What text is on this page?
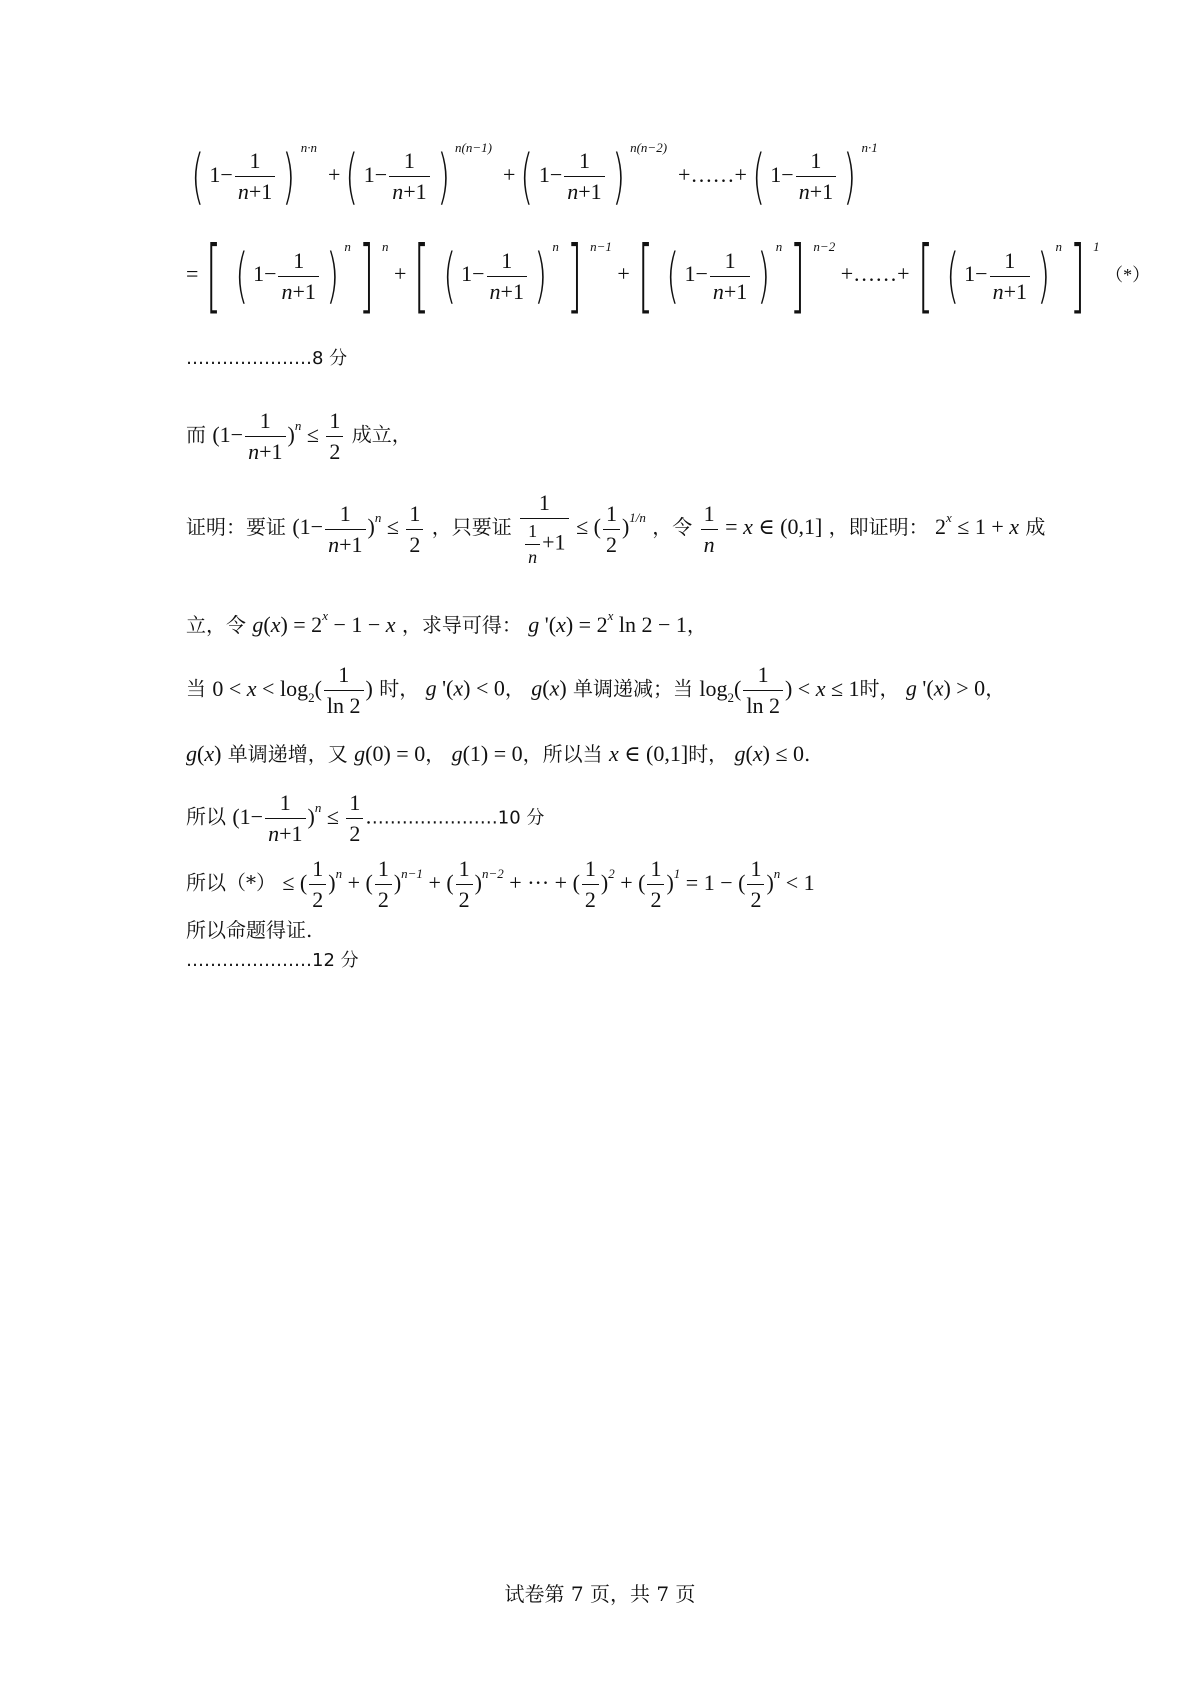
( $1- \frac{1}{n+1}$ ) $^{n\cdot n}$  +( $1- \frac{1}{n+1}$ ) $^{n(n-1)}$  +( $1- \frac{1}{n+1}$ ) $^{n(n-2)}$  +……+( $1- \frac{1}{n+1}$ ) $^{n\cdot 1}$
=[ ( $1- \frac{1}{n+1}$ ) $^n$] $^n$ +[ ( $1- \frac{1}{n+1}$ ) $^n$] $^{n-1}$ +[ ( $1- \frac{1}{n+1}$ ) $^n$] $^{n-2}$ +……+[ ( $1- \frac{1}{n+1}$ ) $^n$] $^1$ （*）
…………………8 分
而 $(1- \frac{1}{n+1} )^n \le \frac{1}{2}$ 成立，
证明：要证 $(1- \frac{1}{n+1} )^n \le \frac{1}{2}$ ，只要证 $\frac{1}{\frac{1}{n} +1}$ ≤ ( $\frac{1}{2} )^{1/n}$ ，令 $\frac{1}{n} = x$ ∈ (0,1] ，即证明： $2^x \le 1 + x$ 成
立，令 $g(x) = 2^x - 1 - x$ ，求导可得： g '$(x) = 2^x$ ln 2 − 1，
当 $0 < x < \log_2( \frac{1}{\ln 2}$ ) 时， g '(x) < 0， g(x) 单调递减；当 $\log_2( \frac{1}{\ln 2}$ ) < x ≤ 1时， g '(x) > 0，
g(x) 单调递增，又 g(0) = 0， g(1) = 0，所以当 x ∈ (0,1]时， g(x) ≤ 0.
所以 $(1- \frac{1}{n+1} )^n \le \frac{1}{2}$ .…………………10 分
所以（*） ≤ ( $\frac{1}{2} )^n$ + ( $\frac{1}{2} )^{n-1}$ + ( $\frac{1}{2} )^{n-2}$ + ··· + ( $\frac{1}{2} )^2$ + ( $\frac{1}{2} )^1 = 1$ − ( $\frac{1}{2} )^n < 1$
所以命题得证.
…………………12 分
试卷第 7 页，共 7 页
